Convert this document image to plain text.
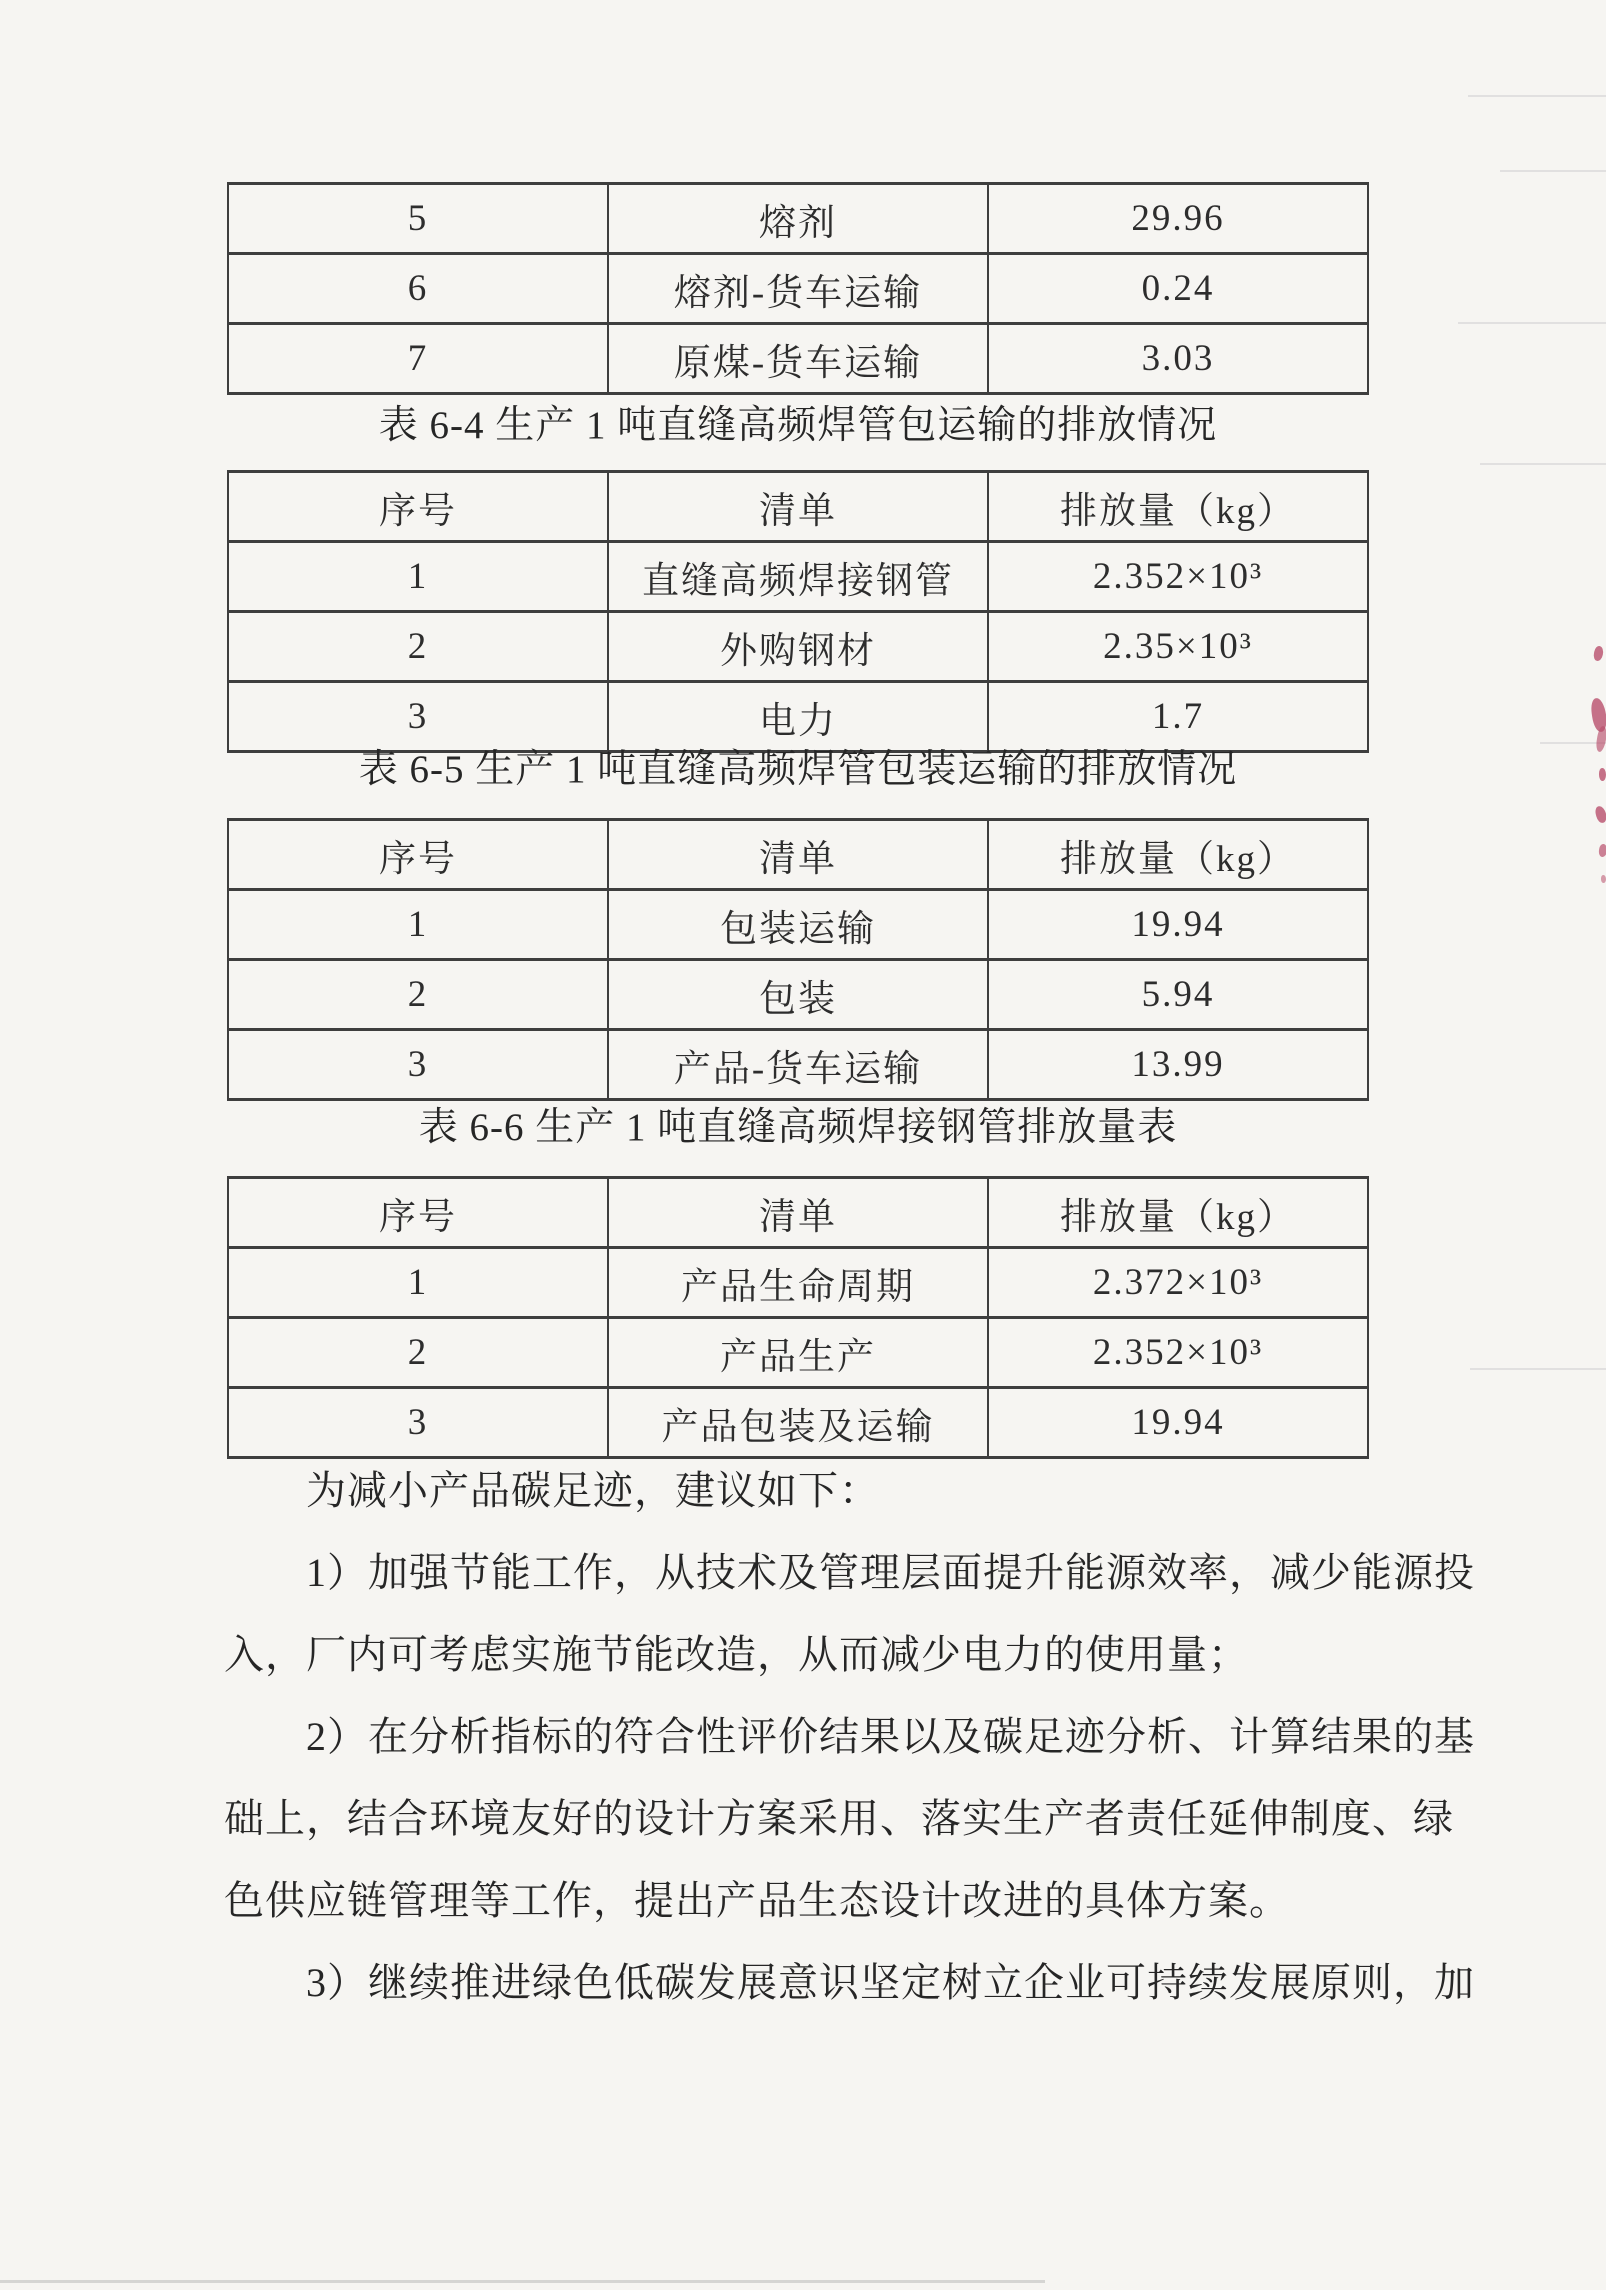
5	熔剂	29.96
6	熔剂-货车运输	0.24
7	原煤-货车运输	3.03
表 6-4 生产 1 吨直缝高频焊管包运输的排放情况
序号	清单	排放量（kg）
1	直缝高频焊接钢管	2.352×10³
2	外购钢材	2.35×10³
3	电力	1.7
表 6-5 生产 1 吨直缝高频焊管包装运输的排放情况
序号	清单	排放量（kg）
1	包装运输	19.94
2	包装	5.94
3	产品-货车运输	13.99
表 6-6 生产 1 吨直缝高频焊接钢管排放量表
序号	清单	排放量（kg）
1	产品生命周期	2.372×10³
2	产品生产	2.352×10³
3	产品包装及运输	19.94
为减小产品碳足迹，建议如下：
1）加强节能工作，从技术及管理层面提升能源效率，减少能源投
入，厂内可考虑实施节能改造，从而减少电力的使用量；
2）在分析指标的符合性评价结果以及碳足迹分析、计算结果的基
础上，结合环境友好的设计方案采用、落实生产者责任延伸制度、绿
色供应链管理等工作，提出产品生态设计改进的具体方案。
3）继续推进绿色低碳发展意识坚定树立企业可持续发展原则，加
